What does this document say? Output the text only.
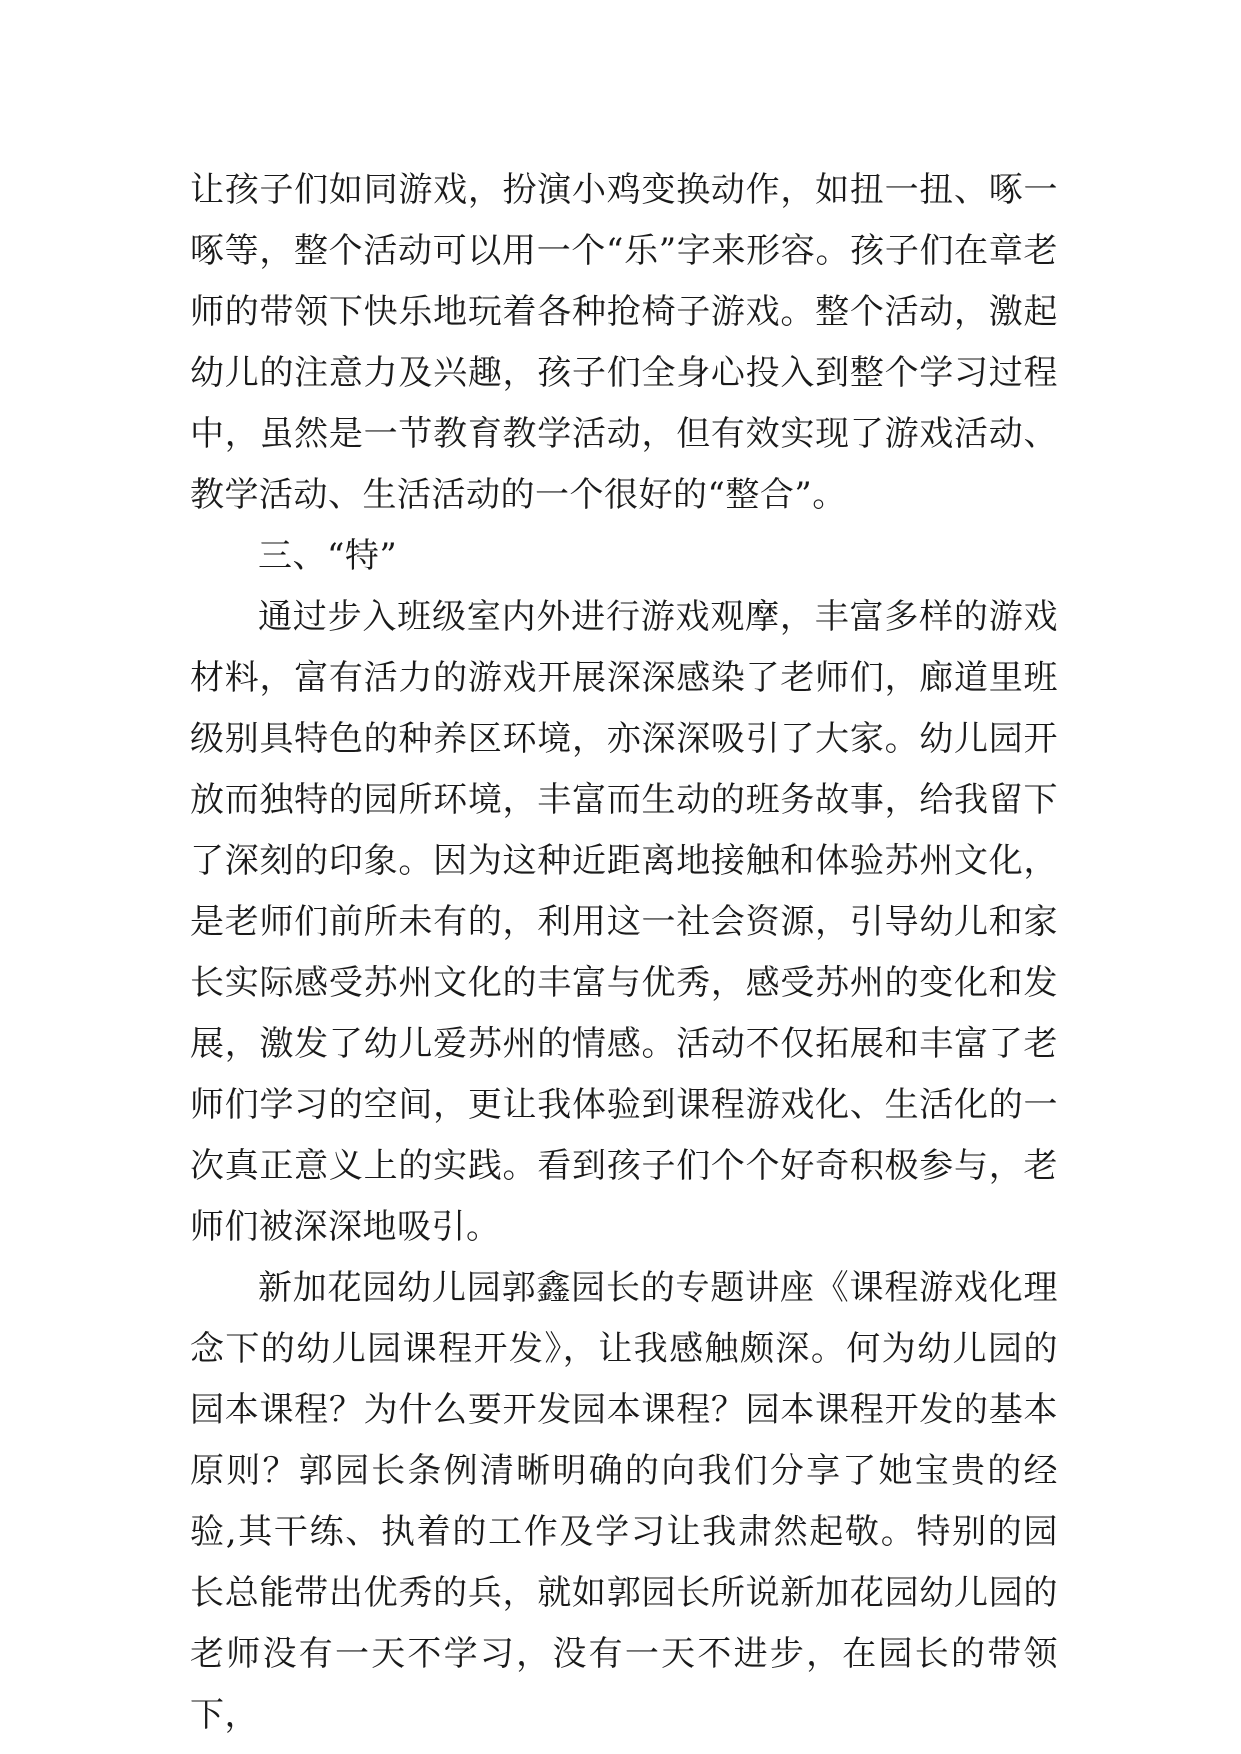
让孩子们如同游戏，扮演小鸡变换动作，如扭一扭、啄一啄等，整个活动可以用一个“乐”字来形容。孩子们在章老师的带领下快乐地玩着各种抢椅子游戏。整个活动，激起幼儿的注意力及兴趣，孩子们全身心投入到整个学习过程中，虽然是一节教育教学活动，但有效实现了游戏活动、教学活动、生活活动的一个很好的“整合”。

三、“特”

通过步入班级室内外进行游戏观摩，丰富多样的游戏材料，富有活力的游戏开展深深感染了老师们，廊道里班级别具特色的种养区环境，亦深深吸引了大家。幼儿园开放而独特的园所环境，丰富而生动的班务故事，给我留下了深刻的印象。因为这种近距离地接触和体验苏州文化，是老师们前所未有的，利用这一社会资源，引导幼儿和家长实际感受苏州文化的丰富与优秀，感受苏州的变化和发展，激发了幼儿爱苏州的情感。活动不仅拓展和丰富了老师们学习的空间，更让我体验到课程游戏化、生活化的一次真正意义上的实践。看到孩子们个个好奇积极参与，老师们被深深地吸引。

新加花园幼儿园郭鑫园长的专题讲座《课程游戏化理念下的幼儿园课程开发》，让我感触颇深。何为幼儿园的园本课程？为什么要开发园本课程？园本课程开发的基本原则？郭园长条例清晰明确的向我们分享了她宝贵的经验,其干练、执着的工作及学习让我肃然起敬。特别的园长总能带出优秀的兵，就如郭园长所说新加花园幼儿园的老师没有一天不学习，没有一天不进步，在园长的带领下，
